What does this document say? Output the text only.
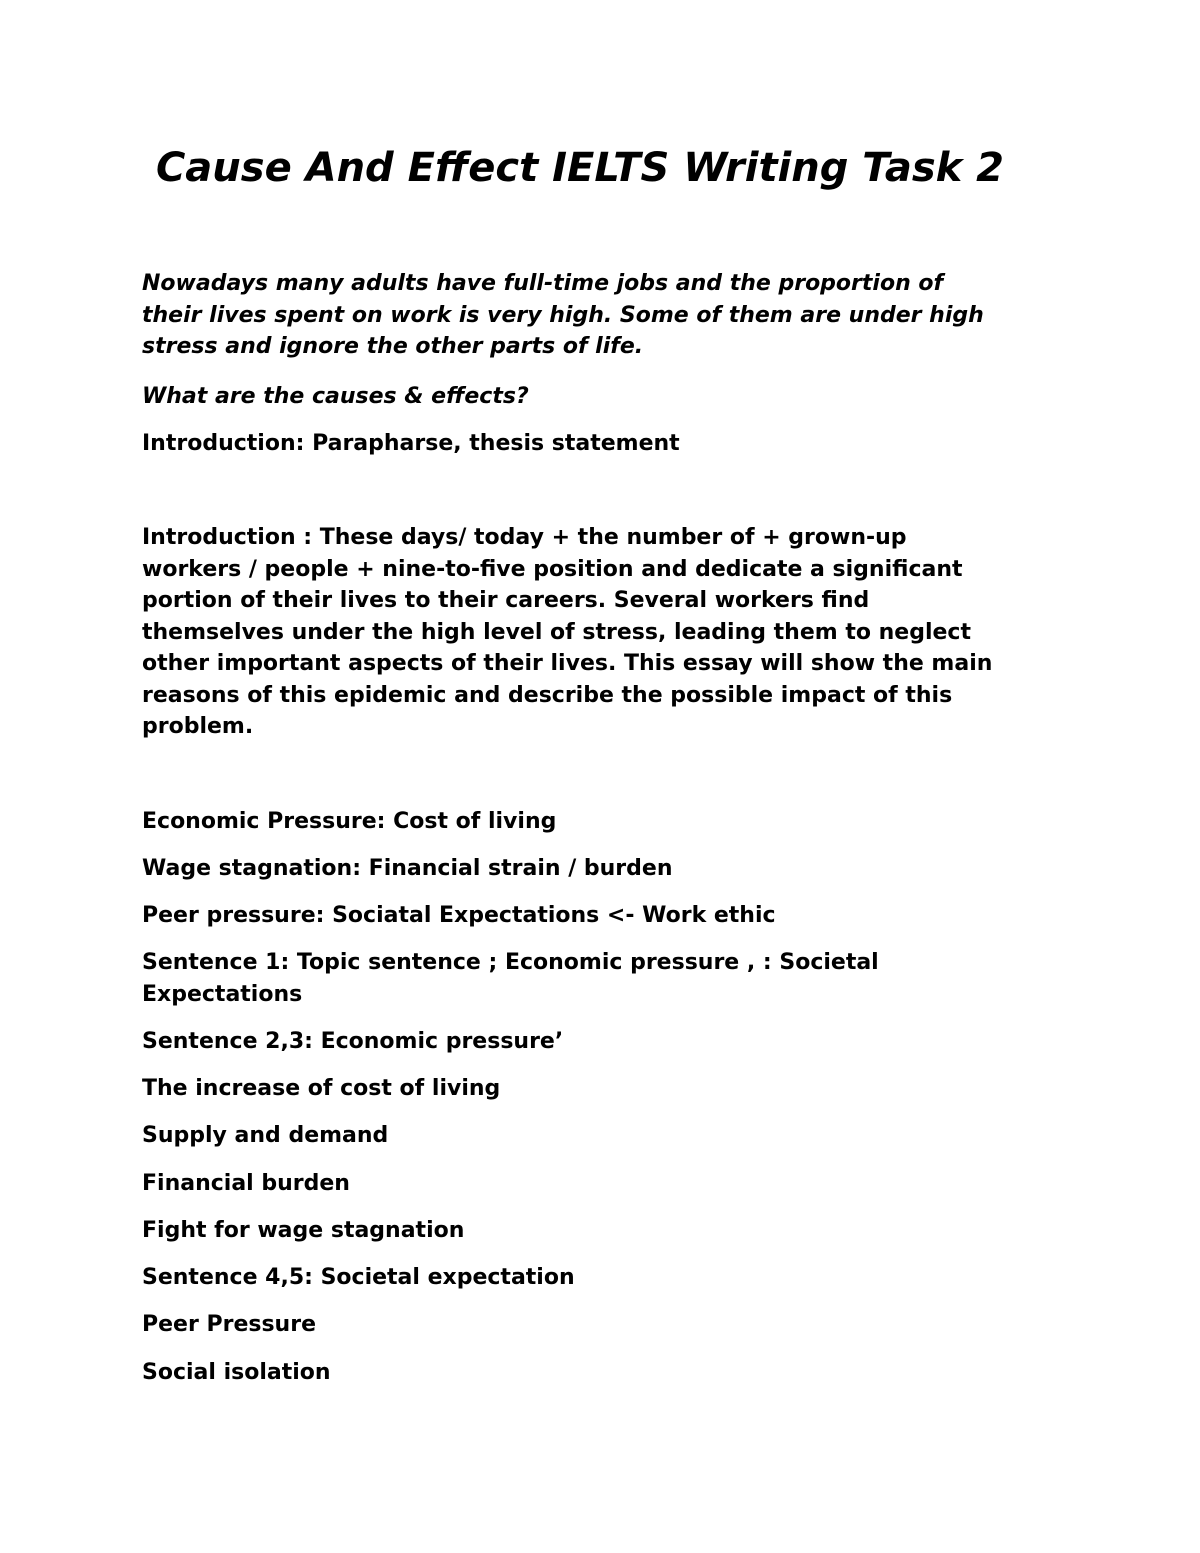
Cause And Effect IELTS Writing Task 2

Nowadays many adults have full-time jobs and the proportion of
their lives spent on work is very high. Some of them are under high
stress and ignore the other parts of life.

What are the causes & effects?

Introduction: Parapharse, thesis statement

Introduction : These days/ today + the number of + grown-up
workers / people + nine-to-five position and dedicate a significant
portion of their lives to their careers. Several workers find
themselves under the high level of stress, leading them to neglect
other important aspects of their lives. This essay will show the main
reasons of this epidemic and describe the possible impact of this
problem.

Economic Pressure: Cost of living

Wage stagnation: Financial strain / burden

Peer pressure: Sociatal Expectations <- Work ethic

Sentence 1: Topic sentence ; Economic pressure , : Societal
Expectations

Sentence 2,3: Economic pressure’

The increase of cost of living

Supply and demand

Financial burden

Fight for wage stagnation

Sentence 4,5: Societal expectation

Peer Pressure

Social isolation
